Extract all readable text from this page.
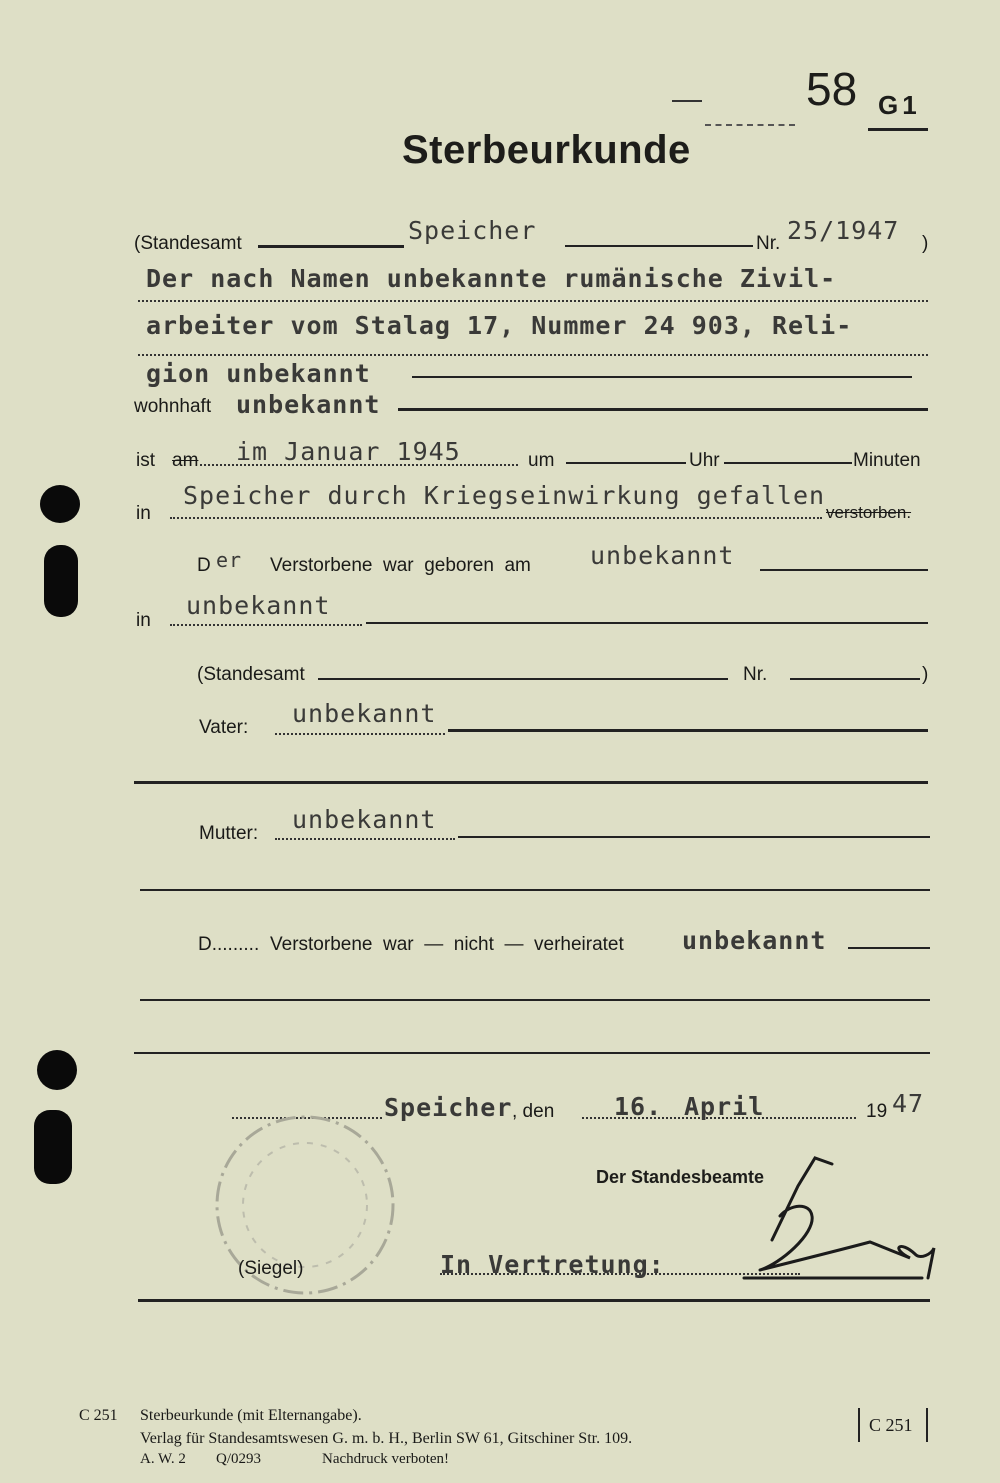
58 G1
Sterbeurkunde
(Standesamt	Speicher	Nr. 25/1947 )
Der nach Namen unbekannte rumänische Zivil-
arbeiter vom Stalag 17, Nummer 24 903, Reli-
gion unbekannt
wohnhaft unbekannt
ist am im Januar 1945	um	Uhr	Minuten
in
Speicher durch Kriegseinwirkung gefallen
verstorben.
D er Verstorbene  war  geboren  am unbekannt
in
unbekannt
(Standesamt	Nr.	)
Vater: unbekannt
Mutter: unbekannt
D......... Verstorbene  war  —  nicht  —  verheiratet unbekannt
Speicher , den 16. April	19 47
(Siegel)
Der Standesbeamte
In Vertretung:
C 251 Sterbeurkunde (mit Elternangabe).
Verlag für Standesamtswesen G. m. b. H., Berlin SW 61, Gitschiner Str. 109.
A. W. 2 Q/0293	Nachdruck verboten!
C 251
